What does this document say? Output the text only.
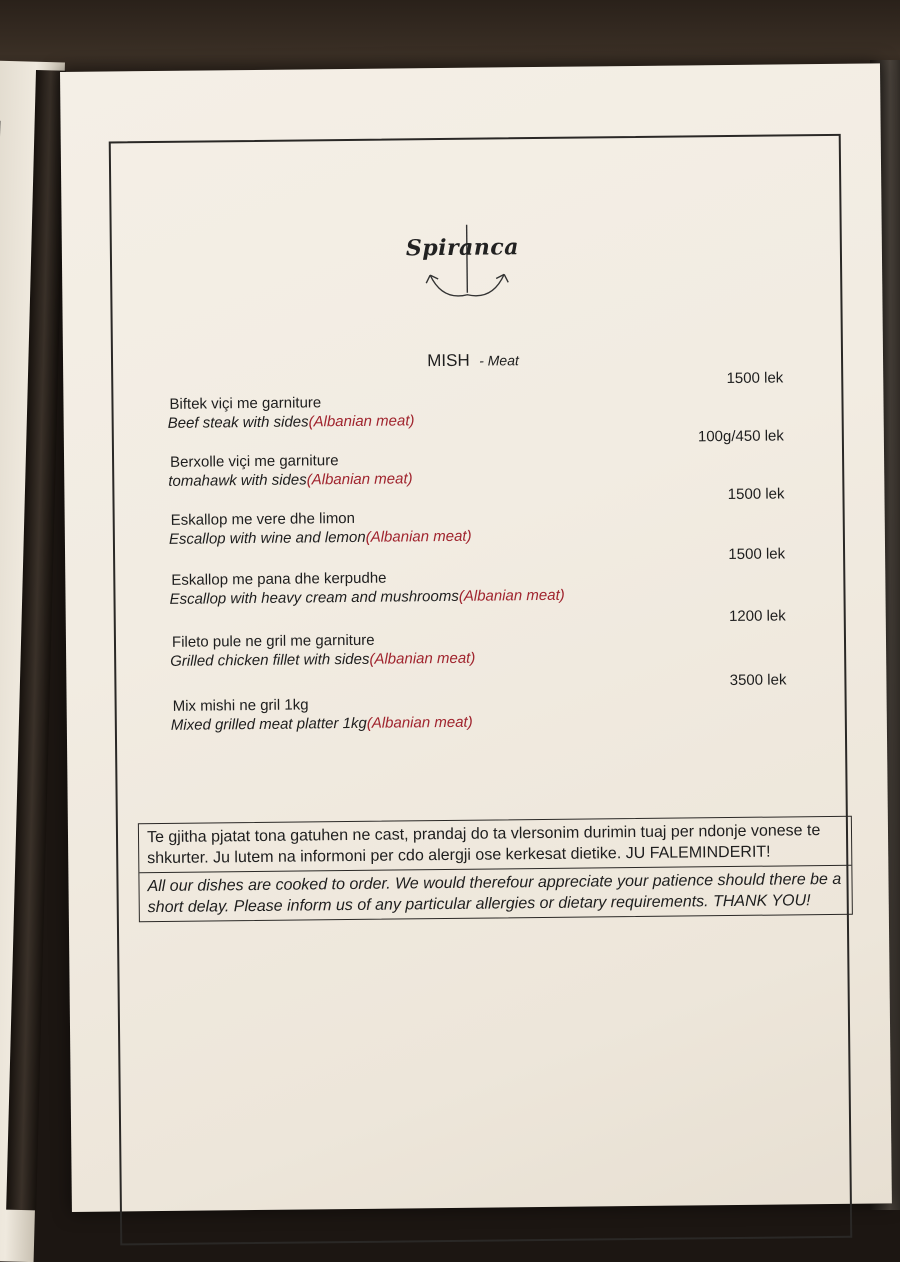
Spiranca
MISH - Meat
1500 lek
Biftek viçi me garniture
Beef steak with sides(Albanian meat)
100g/450 lek
Berxolle viçi me garniture
tomahawk with sides(Albanian meat)
1500 lek
Eskallop me vere dhe limon
Escallop with wine and lemon(Albanian meat)
1500 lek
Eskallop me pana dhe kerpudhe
Escallop with heavy cream and mushrooms(Albanian meat)
1200 lek
Fileto pule ne gril me garniture
Grilled chicken fillet with sides(Albanian meat)
3500 lek
Mix mishi ne gril 1kg
Mixed grilled meat platter 1kg(Albanian meat)
Te gjitha pjatat tona gatuhen ne cast, prandaj do ta vlersonim durimin tuaj per ndonje vonese te shkurter. Ju lutem na informoni per cdo alergji ose kerkesat dietike. JU FALEMINDERIT!
All our dishes are cooked to order. We would therefour appreciate your patience should there be a short delay. Please inform us of any particular allergies or dietary requirements. THANK YOU!
